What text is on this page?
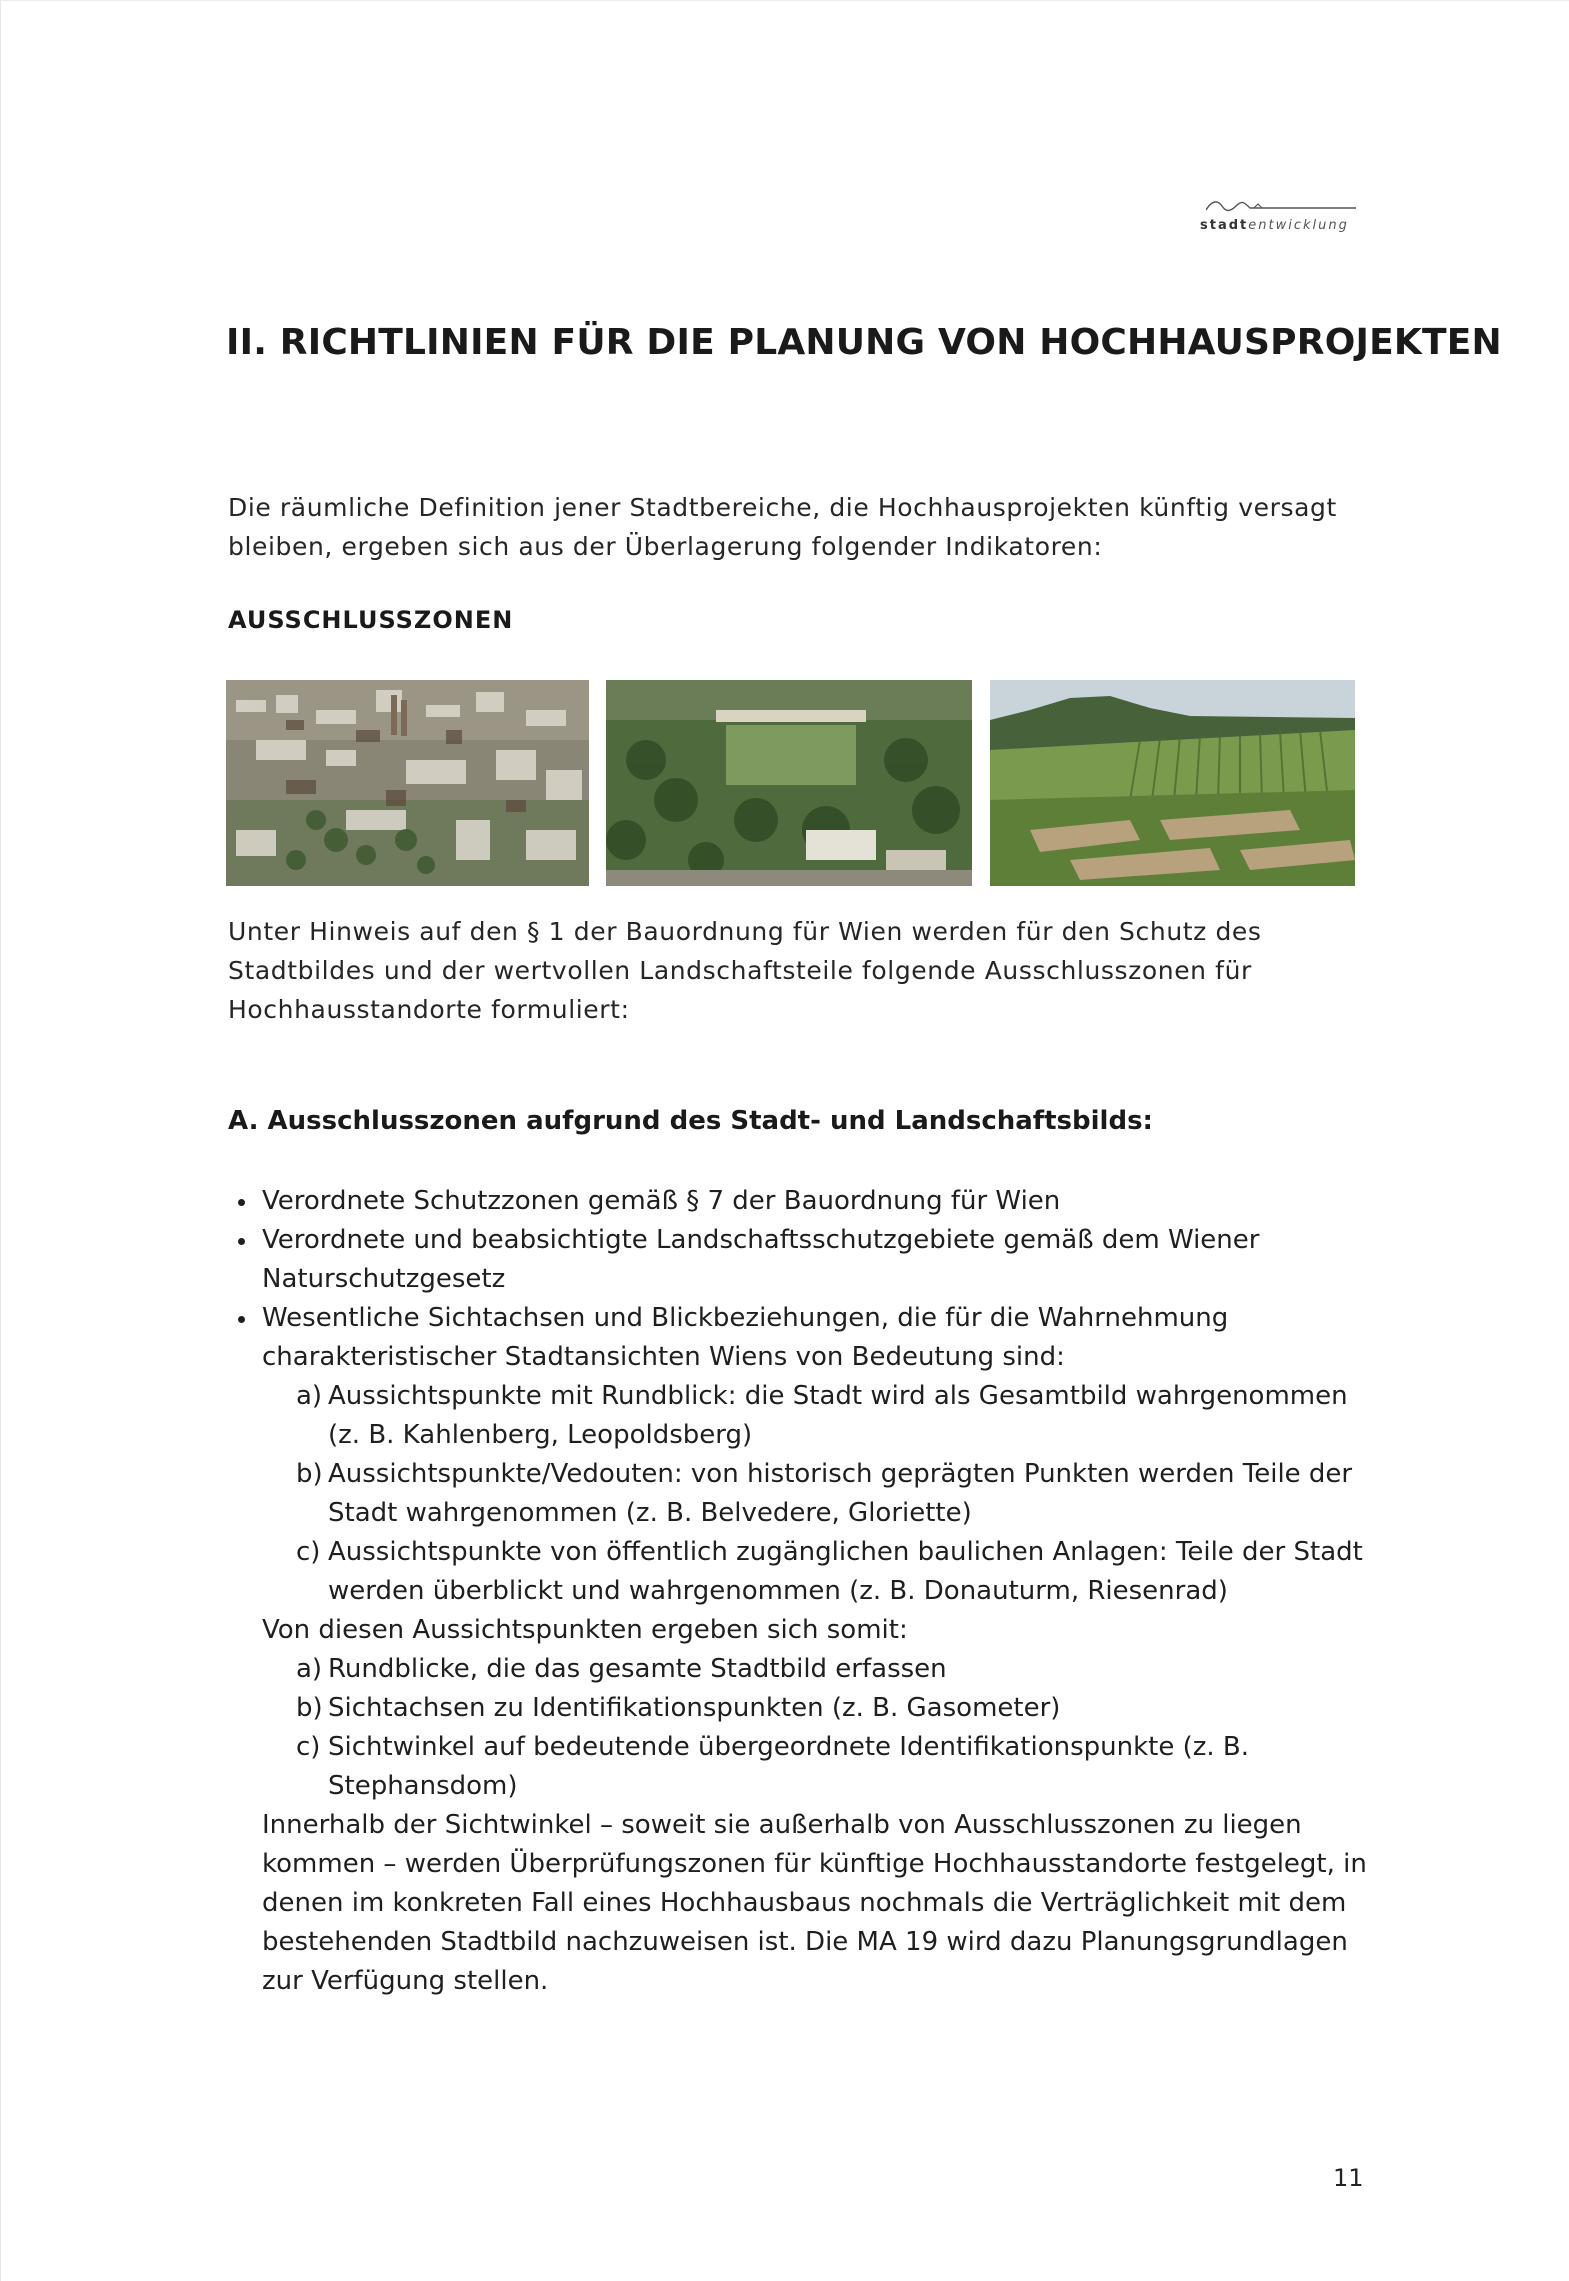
stadtentwicklung
II. RICHTLINIEN FÜR DIE PLANUNG VON HOCHHAUSPROJEKTEN
Die räumliche Definition jener Stadtbereiche, die Hochhausprojekten künftig versagt bleiben, ergeben sich aus der Überlagerung folgender Indikatoren:
AUSSCHLUSSZONEN
Unter Hinweis auf den § 1 der Bauordnung für Wien werden für den Schutz des Stadtbildes und der wertvollen Landschaftsteile folgende Ausschlusszonen für Hochhausstandorte formuliert:
A. Ausschlusszonen aufgrund des Stadt- und Landschaftsbilds:
Verordnete Schutzzonen gemäß § 7 der Bauordnung für Wien
Verordnete und beabsichtigte Landschaftsschutzgebiete gemäß dem Wiener Naturschutzgesetz
Wesentliche Sichtachsen und Blickbeziehungen, die für die Wahrnehmung charakteristischer Stadtansichten Wiens von Bedeutung sind:
a) Aussichtspunkte mit Rundblick: die Stadt wird als Gesamtbild wahrgenommen (z. B. Kahlenberg, Leopoldsberg)
b) Aussichtspunkte/Vedouten: von historisch geprägten Punkten werden Teile der Stadt wahrgenommen (z. B. Belvedere, Gloriette)
c) Aussichtspunkte von öffentlich zugänglichen baulichen Anlagen: Teile der Stadt werden überblickt und wahrgenommen (z. B. Donauturm, Riesenrad)
Von diesen Aussichtspunkten ergeben sich somit:
a) Rundblicke, die das gesamte Stadtbild erfassen
b) Sichtachsen zu Identifikationspunkten (z. B. Gasometer)
c) Sichtwinkel auf bedeutende übergeordnete Identifikationspunkte (z. B. Stephansdom)
Innerhalb der Sichtwinkel – soweit sie außerhalb von Ausschlusszonen zu liegen kommen – werden Überprüfungszonen für künftige Hochhausstandorte festgelegt, in denen im konkreten Fall eines Hochhausbaus nochmals die Verträglichkeit mit dem bestehenden Stadtbild nachzuweisen ist. Die MA 19 wird dazu Planungsgrundlagen zur Verfügung stellen.
11
